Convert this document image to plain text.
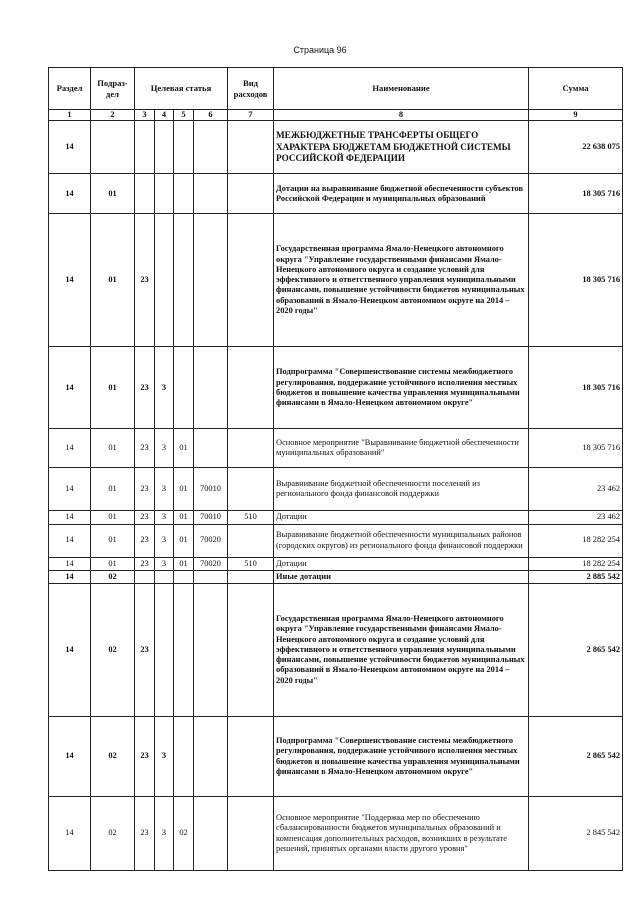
Страница 96
Раздел	Подраз-дел	Целевая статья				Вид расходов	Наименование	Сумма
1	2	3	4	5	6	7	8	9
14							МЕЖБЮДЖЕТНЫЕ ТРАНСФЕРТЫ ОБЩЕГО ХАРАКТЕРА БЮДЖЕТАМ БЮДЖЕТНОЙ СИСТЕМЫ РОССИЙСКОЙ ФЕДЕРАЦИИ	22 638 075
14	01						Дотации на выравнивание бюджетной обеспеченности субъектов Российской Федерации и муниципальных образований	18 305 716
14	01	23					Государственная программа Ямало-Ненецкого автономного округа "Управление государственными финансами Ямало-Ненецкого автономного округа и создание условий для эффективного и ответственного управления муниципальными финансами, повышение устойчивости бюджетов муниципальных образований в Ямало-Ненецком автономном округе на 2014 – 2020 годы"	18 305 716
14	01	23	3				Подпрограмма "Совершенствование системы межбюджетного регулирования, поддержание устойчивого исполнения местных бюджетов и повышение качества управления муниципальными финансами в Ямало-Ненецком автономном округе"	18 305 716
14	01	23	3	01			Основное мероприятие "Выравнивание бюджетной обеспеченности муниципальных образований"	18 305 716
14	01	23	3	01	70010		Выравнивание бюджетной обеспеченности поселений из регионального фонда финансовой поддержки	23 462
14	01	23	3	01	70010	510	Дотации	23 462
14	01	23	3	01	70020		Выравнивание бюджетной обеспеченности муниципальных районов (городских округов) из регионального фонда финансовой поддержки	18 282 254
14	01	23	3	01	70020	510	Дотации	18 282 254
14	02						Иные дотации	2 885 542
14	02	23					Государственная программа Ямало-Ненецкого автономного округа "Управление государственными финансами Ямало-Ненецкого автономного округа и создание условий для эффективного и ответственного управления муниципальными финансами, повышение устойчивости бюджетов муниципальных образований в Ямало-Ненецком автономном округе на 2014 – 2020 годы"	2 865 542
14	02	23	3				Подпрограмма "Совершенствование системы межбюджетного регулирования, поддержание устойчивого исполнения местных бюджетов и повышение качества управления муниципальными финансами в Ямало-Ненецком автономном округе"	2 865 542
14	02	23	3	02			Основное мероприятие "Поддержка мер по обеспечению сбалансированности бюджетов муниципальных образований и компенсация дополнительных расходов, возникших в результате решений, принятых органами власти другого уровня"	2 845 542
